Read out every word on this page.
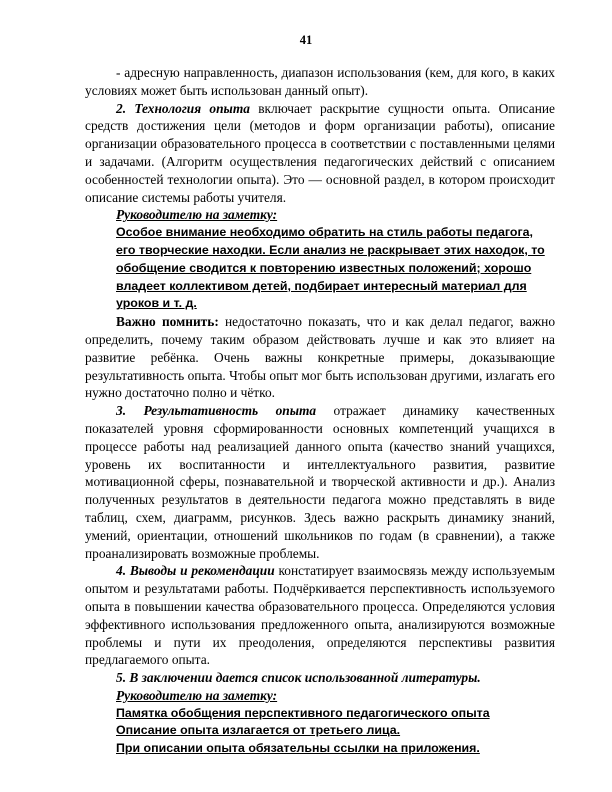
41

- адресную направленность, диапазон использования (кем, для кого, в каких условиях может быть использован данный опыт).

2. Технология опыта включает раскрытие сущности опыта. Описание средств достижения цели (методов и форм организации работы), описание организации образовательного процесса в соответствии с поставленными целями и задачами. (Алгоритм осуществления педагогических действий с описанием особенностей технологии опыта). Это — основной раздел, в котором происходит описание системы работы учителя.

Руководителю на заметку:

Особое внимание необходимо обратить на стиль работы педагога, его творческие находки. Если анализ не раскрывает этих находок, то обобщение сводится к повторению известных положений; хорошо владеет коллективом детей, подбирает интересный материал для уроков и т. д.

Важно помнить: недостаточно показать, что и как делал педагог, важно определить, почему таким образом действовать лучше и как это влияет на развитие ребёнка. Очень важны конкретные примеры, доказывающие результативность опыта. Чтобы опыт мог быть использован другими, излагать его нужно достаточно полно и чётко.

3. Результативность опыта отражает динамику качественных показателей уровня сформированности основных компетенций учащихся в процессе работы над реализацией данного опыта (качество знаний учащихся, уровень их воспитанности и интеллектуального развития, развитие мотивационной сферы, познавательной и творческой активности и др.). Анализ полученных результатов в деятельности педагога можно представлять в виде таблиц, схем, диаграмм, рисунков. Здесь важно раскрыть динамику знаний, умений, ориентации, отношений школьников по годам (в сравнении), а также проанализировать возможные проблемы.

4. Выводы и рекомендации констатирует взаимосвязь между используемым опытом и результатами работы. Подчёркивается перспективность используемого опыта в повышении качества образовательного процесса. Определяются условия эффективного использования предложенного опыта, анализируются возможные проблемы и пути их преодоления, определяются перспективы развития предлагаемого опыта.

5. В заключении дается список использованной литературы.

Руководителю на заметку:

Памятка обобщения перспективного педагогического опыта

Описание опыта излагается от третьего лица.

При описании опыта обязательны ссылки на приложения.
